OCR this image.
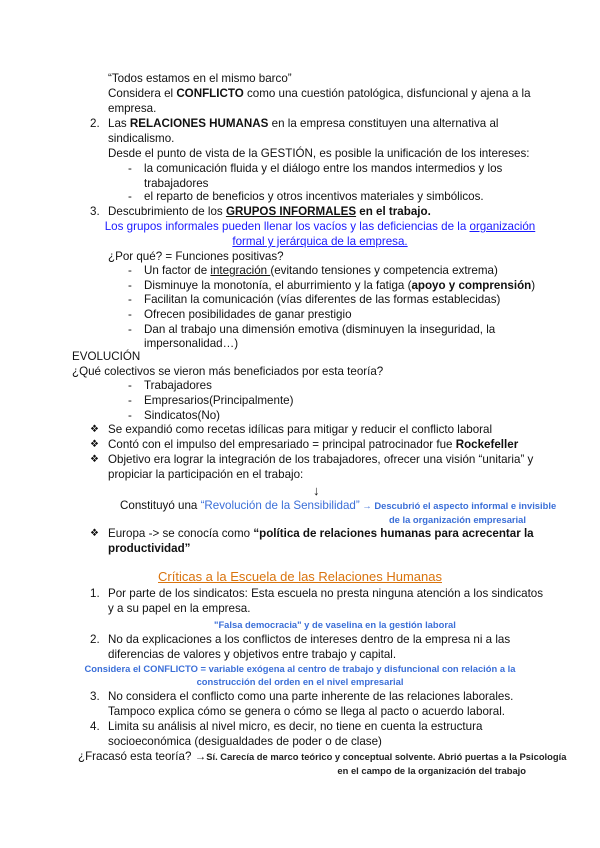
“Todos estamos en el mismo barco”
Considera el CONFLICTO como una cuestión patológica, disfuncional y ajena a la
empresa.
2. Las RELACIONES HUMANAS en la empresa constituyen una alternativa al
sindicalismo.
Desde el punto de vista de la GESTIÓN, es posible la unificación de los intereses:
- la comunicación fluida y el diálogo entre los mandos intermedios y los
trabajadores
- el reparto de beneficios y otros incentivos materiales y simbólicos.
3. Descubrimiento de los GRUPOS INFORMALES en el trabajo.
Los grupos informales pueden llenar los vacíos y las deficiencias de la organización
formal y jerárquica de la empresa.
¿Por qué? = Funciones positivas?
- Un factor de integración (evitando tensiones y competencia extrema)
- Disminuye la monotonía, el aburrimiento y la fatiga (apoyo y comprensión)
- Facilitan la comunicación (vías diferentes de las formas establecidas)
- Ofrecen posibilidades de ganar prestigio
- Dan al trabajo una dimensión emotiva (disminuyen la inseguridad, la
impersonalidad…)
EVOLUCIÓN
¿Qué colectivos se vieron más beneficiados por esta teoría?
- Trabajadores
- Empresarios(Principalmente)
- Sindicatos(No)
❖ Se expandió como recetas idílicas para mitigar y reducir el conflicto laboral
❖ Contó con el impulso del empresariado = principal patrocinador fue Rockefeller
❖ Objetivo era lograr la integración de los trabajadores, ofrecer una visión “unitaria” y
propiciar la participación en el trabajo:
↓
Constituyó una “Revolución de la Sensibilidad” → Descubrió el aspecto informal e invisible
de la organización empresarial
❖ Europa -> se conocía como “política de relaciones humanas para acrecentar la
productividad”
Críticas a la Escuela de las Relaciones Humanas
1. Por parte de los sindicatos: Esta escuela no presta ninguna atención a los sindicatos
y a su papel en la empresa.
"Falsa democracia" y de vaselina en la gestión laboral
2. No da explicaciones a los conflictos de intereses dentro de la empresa ni a las
diferencias de valores y objetivos entre trabajo y capital.
Considera el CONFLICTO = variable exógena al centro de trabajo y disfuncional con relación a la
construcción del orden en el nivel empresarial
3. No considera el conflicto como una parte inherente de las relaciones laborales.
Tampoco explica cómo se genera o cómo se llega al pacto o acuerdo laboral.
4. Limita su análisis al nivel micro, es decir, no tiene en cuenta la estructura
socioeconómica (desigualdades de poder o de clase)
¿Fracasó esta teoría? →Sí. Carecía de marco teórico y conceptual solvente. Abrió puertas a la Psicología
en el campo de la organización del trabajo
